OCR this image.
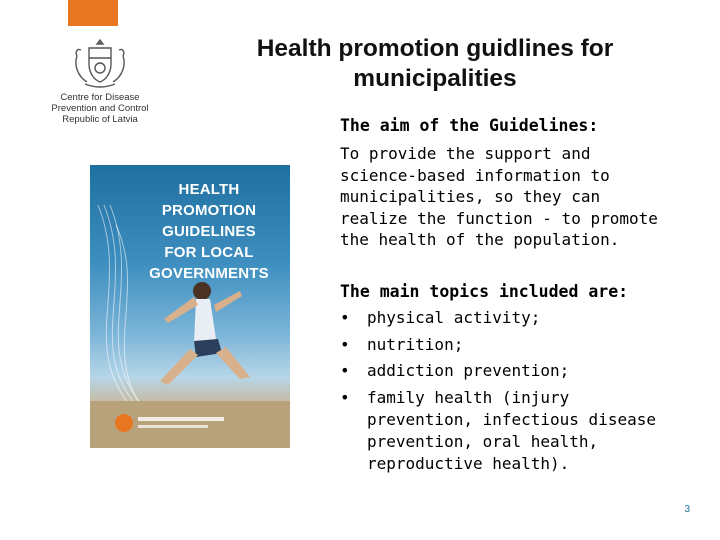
Centre for Disease
Prevention and Control
Republic of Latvia
Health promotion guidlines for municipalities
HEALTH
PROMOTION
GUIDELINES
FOR LOCAL
GOVERNMENTS
The aim of the Guidelines:
To provide the support and
science-based information to
municipalities, so they can
realize the function - to promote
the health of the population.
The main topics included are:
• physical activity;
• nutrition;
• addiction prevention;
• family health (injury
prevention, infectious disease
prevention, oral health,
reproductive health).
3
